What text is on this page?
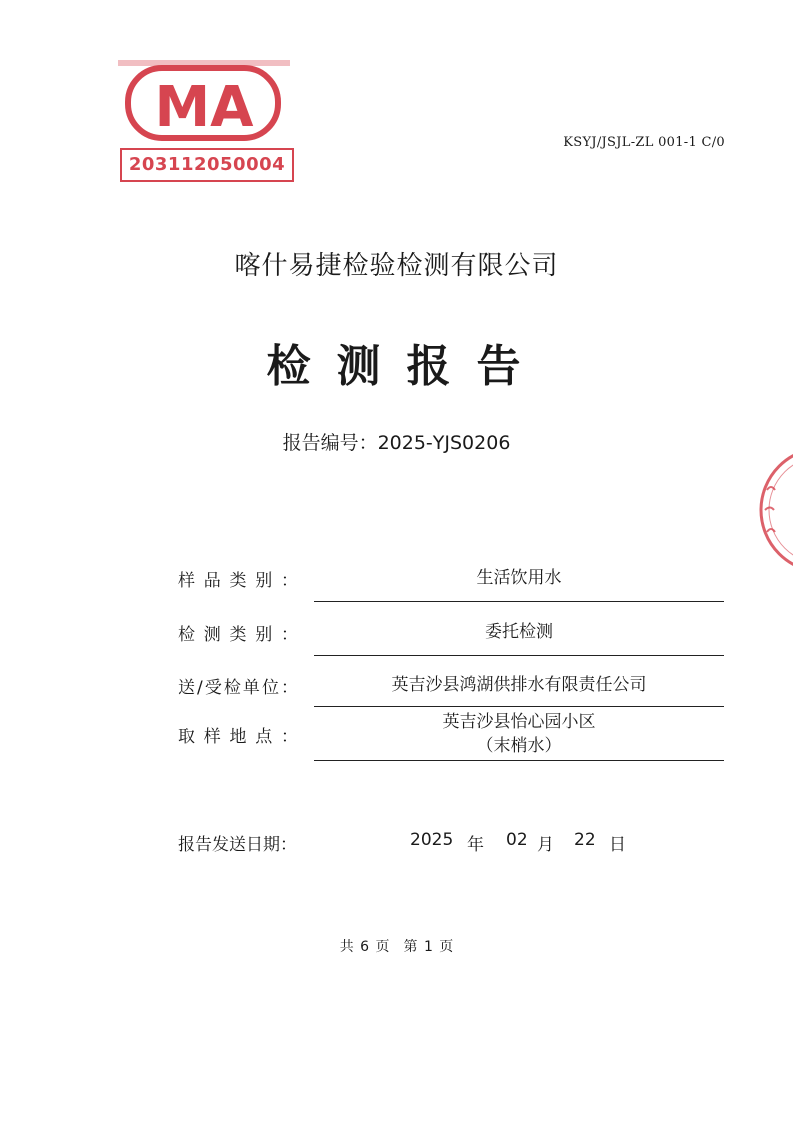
MA
203112050004
KSYJ/JSJL-ZL 001-1 C/0
喀什易捷检验检测有限公司
检测报告
报告编号：2025-YJS0206
样品类别：	生活饮用水
检测类别：	委托检测
送/受检单位：	英吉沙县鸿湖供排水有限责任公司
取样地点：
英吉沙县怡心园小区
（末梢水）
报告发送日期：	2025 年 02 月 22 日
共 6 页　第 1 页
